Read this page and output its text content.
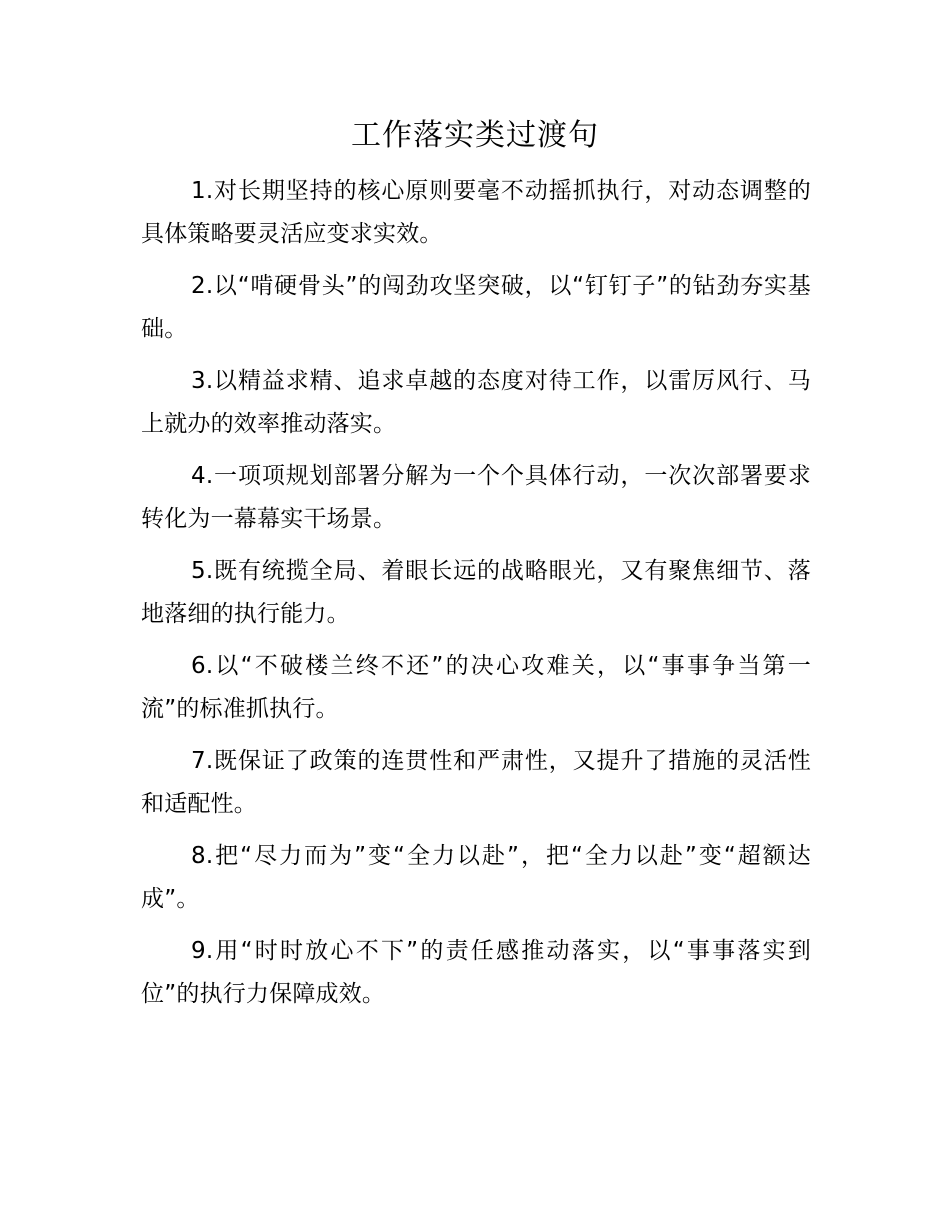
工作落实类过渡句

1.对长期坚持的核心原则要毫不动摇抓执行，对动态调整的具体策略要灵活应变求实效。

2.以“啃硬骨头”的闯劲攻坚突破，以“钉钉子”的钻劲夯实基础。

3.以精益求精、追求卓越的态度对待工作，以雷厉风行、马上就办的效率推动落实。

4.一项项规划部署分解为一个个具体行动，一次次部署要求转化为一幕幕实干场景。

5.既有统揽全局、着眼长远的战略眼光，又有聚焦细节、落地落细的执行能力。

6.以“不破楼兰终不还”的决心攻难关，以“事事争当第一流”的标准抓执行。

7.既保证了政策的连贯性和严肃性，又提升了措施的灵活性和适配性。

8.把“尽力而为”变“全力以赴”，把“全力以赴”变“超额达成”。

9.用“时时放心不下”的责任感推动落实，以“事事落实到位”的执行力保障成效。
